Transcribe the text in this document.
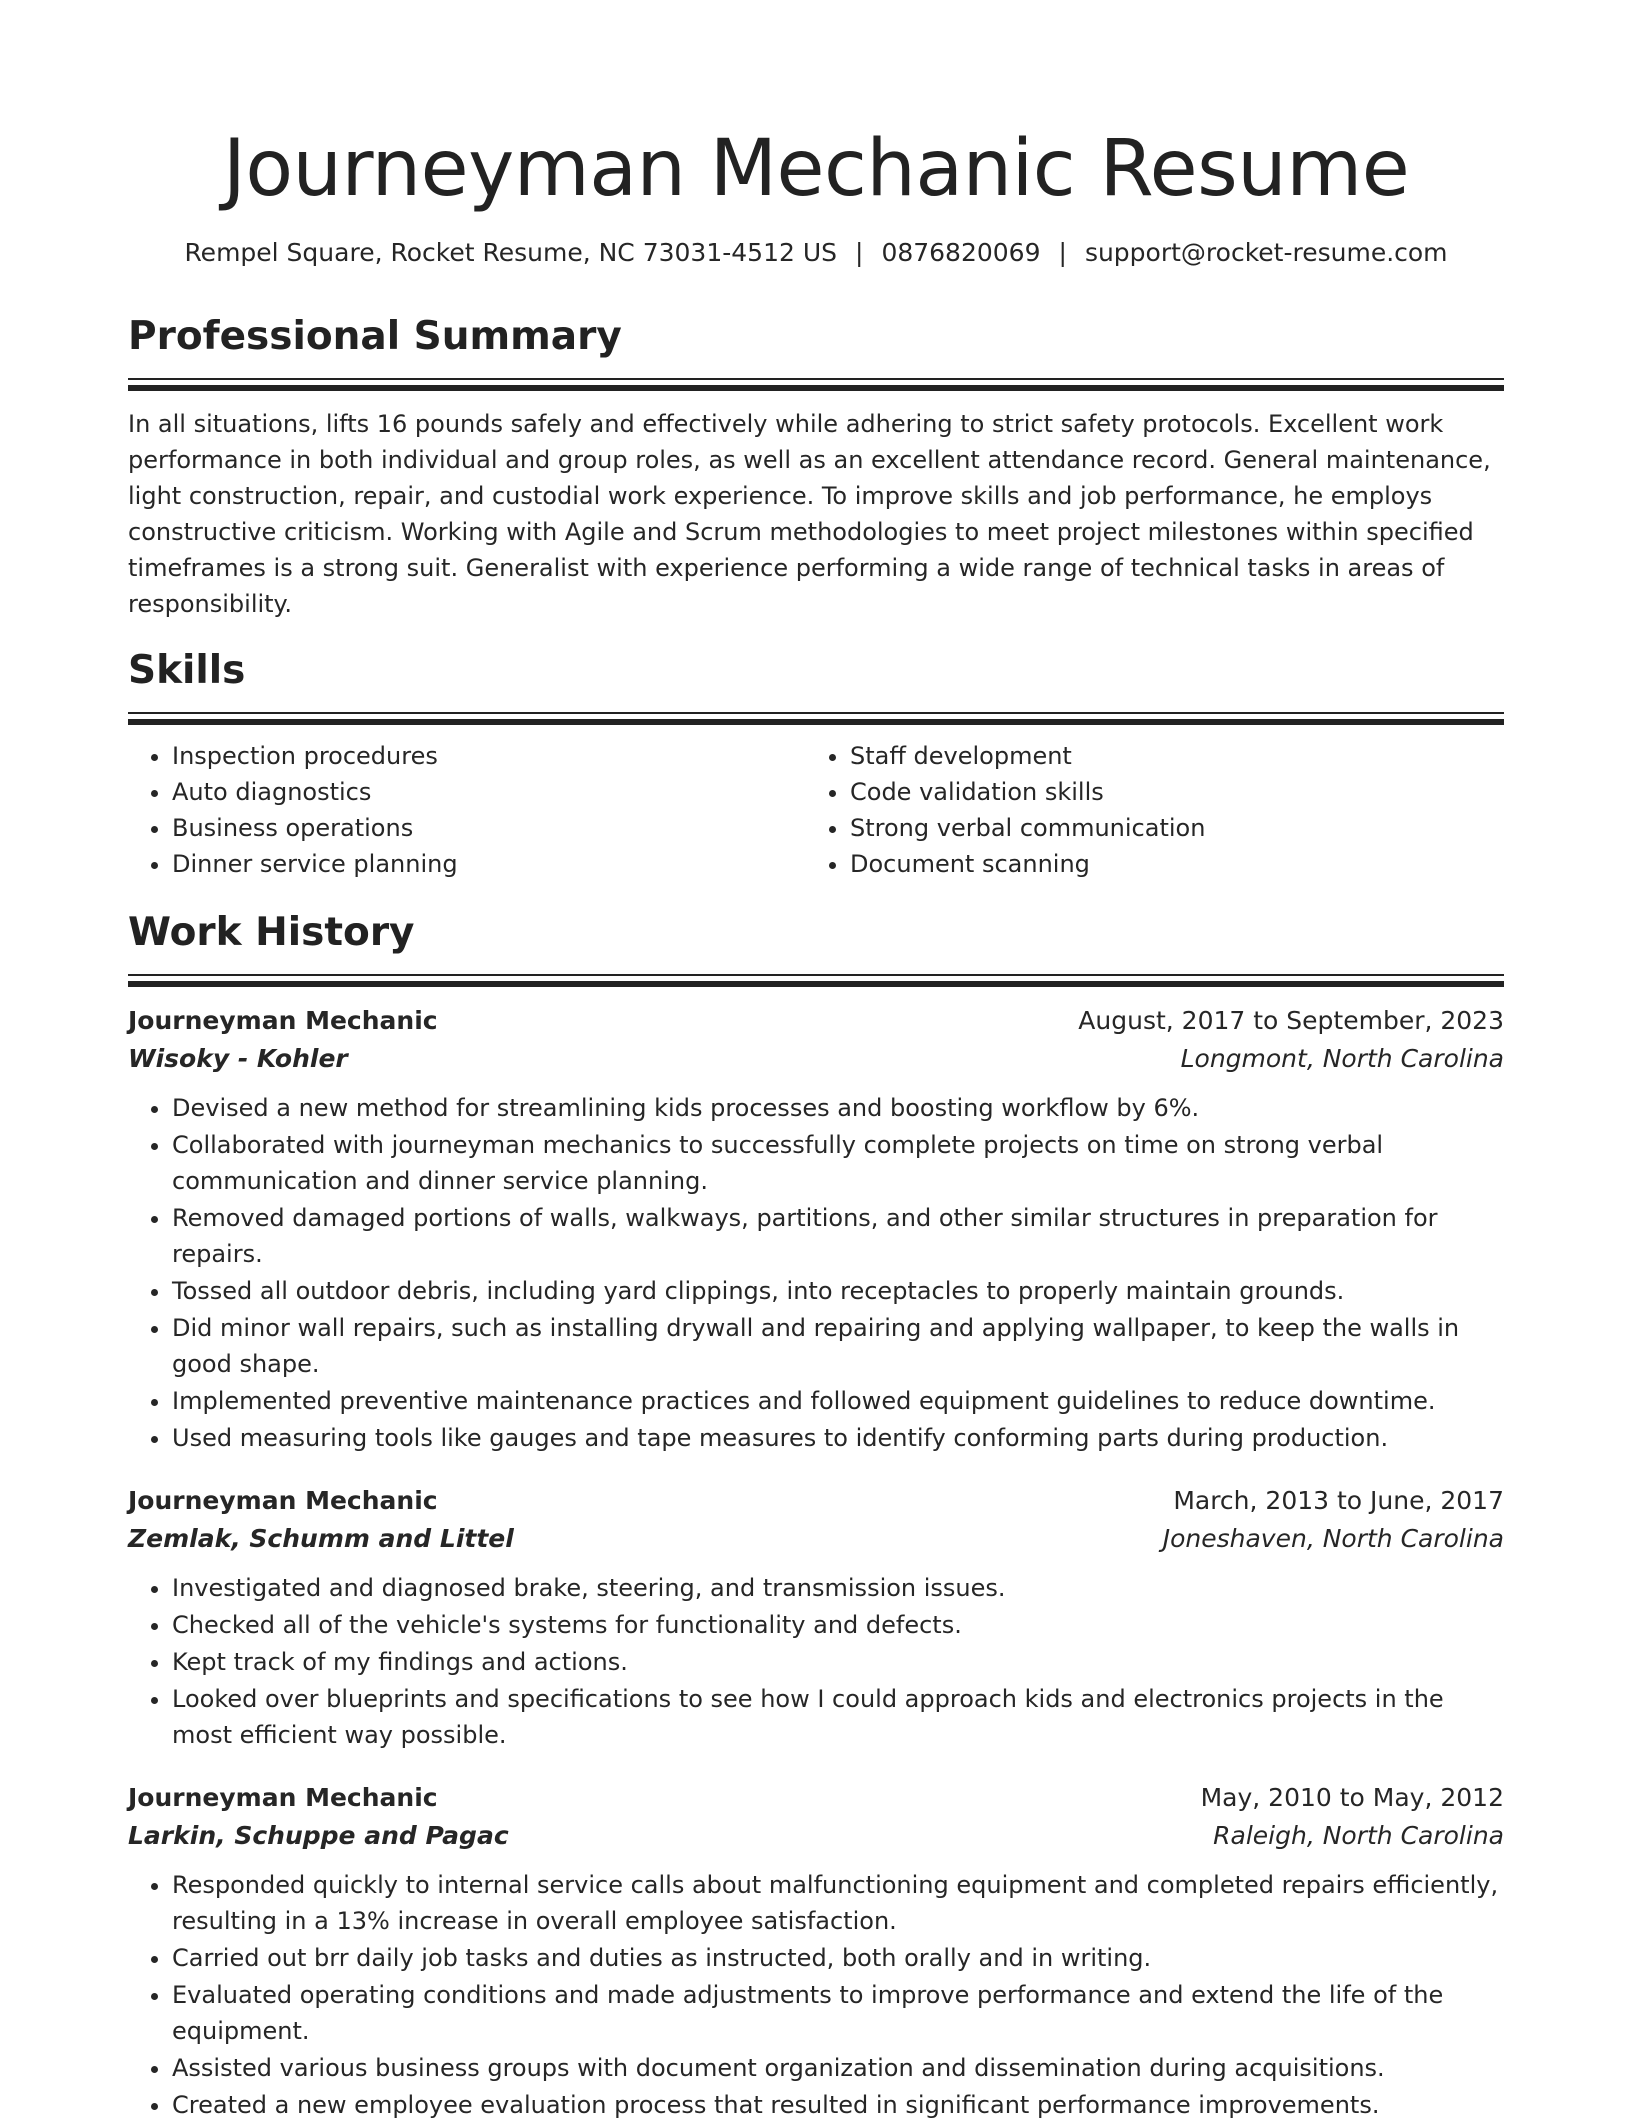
Journeyman Mechanic Resume
Rempel Square, Rocket Resume, NC 73031-4512 US | 0876820069 | support@rocket-resume.com
Professional Summary

In all situations, lifts 16 pounds safely and effectively while adhering to strict safety protocols. Excellent work performance in both individual and group roles, as well as an excellent attendance record. General maintenance, light construction, repair, and custodial work experience. To improve skills and job performance, he employs constructive criticism. Working with Agile and Scrum methodologies to meet project milestones within specified timeframes is a strong suit. Generalist with experience performing a wide range of technical tasks in areas of responsibility.

Skills
• Inspection procedures
• Auto diagnostics
• Business operations
• Dinner service planning
• Staff development
• Code validation skills
• Strong verbal communication
• Document scanning
Work History
Journeyman Mechanic	August, 2017 to September, 2023
Wisoky - Kohler	Longmont, North Carolina
• Devised a new method for streamlining kids processes and boosting workflow by 6%.
• Collaborated with journeyman mechanics to successfully complete projects on time on strong verbal communication and dinner service planning.
• Removed damaged portions of walls, walkways, partitions, and other similar structures in preparation for repairs.
• Tossed all outdoor debris, including yard clippings, into receptacles to properly maintain grounds.
• Did minor wall repairs, such as installing drywall and repairing and applying wallpaper, to keep the walls in good shape.
• Implemented preventive maintenance practices and followed equipment guidelines to reduce downtime.
• Used measuring tools like gauges and tape measures to identify conforming parts during production.
Journeyman Mechanic	March, 2013 to June, 2017
Zemlak, Schumm and Littel	Joneshaven, North Carolina
• Investigated and diagnosed brake, steering, and transmission issues.
• Checked all of the vehicle's systems for functionality and defects.
• Kept track of my findings and actions.
• Looked over blueprints and specifications to see how I could approach kids and electronics projects in the most efficient way possible.
Journeyman Mechanic	May, 2010 to May, 2012
Larkin, Schuppe and Pagac	Raleigh, North Carolina
• Responded quickly to internal service calls about malfunctioning equipment and completed repairs efficiently, resulting in a 13% increase in overall employee satisfaction.
• Carried out brr daily job tasks and duties as instructed, both orally and in writing.
• Evaluated operating conditions and made adjustments to improve performance and extend the life of the equipment.
• Assisted various business groups with document organization and dissemination during acquisitions.
• Created a new employee evaluation process that resulted in significant performance improvements.
